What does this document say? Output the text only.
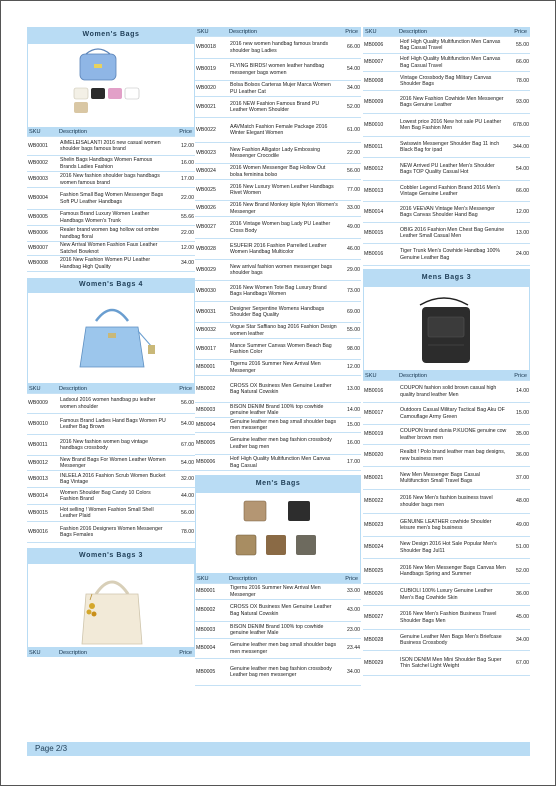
Women's Bags
SKU	Description	Price
WB0001	AIMELEISALANTI 2016 new casual women shoulder bags famous brand	12.00
WB0002	Shelin Bags Handbags Women Famous Brands Ladies Fashion	16.00
WB0003	2016 New fashion shoulder bags handbags women famous brand	17.00
WB0004	Fashion Small Bag Women Messenger Bags Soft PU Leather Handbags	22.00
WB0005	Famous Brand Luxury Women Leather Handbags Women's Trunk	55.66
WB0006	Realer brand women bag hollow out ombre handbag floral	22.00
WB0007	New Arrival Women Fashion Faux Leather Satchel Bowknot	12.00
WB0008	2016 New Fashion Women PU Leather Handbag High Quality	34.00
Women's Bags 4
SKU	Description	Price
WB0009	Ladsoul 2016 women handbag pu leather women shoulder	56.00
WB0010	Famous Brand Ladies Hand Bags Women PU Leather Bag Brown	54.00
WB0011	2016 New fashion women bag vintage handbags crossbody	67.00
WB0012	New Brand Bags For Women Leather Women Messenger	54.00
WB0013	INLEELA 2016 Fashion Scrub Women Bucket Bag Vintage	32.00
WB0014	Women Shoulder Bag Candy 10 Colors Fashion Brand	44.00
WB0015	Hot selling ! Women Fashion Small Shell Leather Plaid	56.00
WB0016	Fashion 2016 Designers Women Messenger Bags Females	78.00
Women's Bags 3
SKU	Description	Price
SKU	Description	Price
WB0018	2016 new women handbag famous brands shoulder bag Ladies	66.00
WB0019	FLYING BIRDS! women leather handbag messenger bags women	54.00
WB0020	Bolsa Bolsos Carteras Mujer Marca Women PU Leather Cat	34.00
WB0021	2016 NEW Fashion Famous Brand PU Leather Women Shoulder	52.00
WB0022	AAVMatch Fashion Female Package 2016 Winter Elegant Women	61.00
WB0023	New Fashion Alligator Lady Embossing Messenger Crocodile	22.00
WB0024	2016 Women Messenger Bag Hollow Out bolsa feminina bolso	56.00
WB0025	2016 New Luxury Women Leather Handbags Rivet Women	77.00
WB0026	2016 New Brand Monkey kiple Nylon Women's Messenger	33.00
WB0027	2016 Vintage Women bag Lady PU Leather Cross Body	49.00
WB0028	ESUFEIR 2016 Fashion Parrelled Leather Women Handbag Multicolor	46.00
WB0029	New arrival fashion women messenger bags shoulder bags	29.00
WB0030	2016 New Women Tote Bag Luxury Brand Bags Handbags Women	73.00
WB0031	Designer Serpentine Womens Handbags Shoulder Bag Quality	69.00
WB0032	Vogue Star Saffiano bag 2016 Fashion Design women leather	55.00
WB0017	Mance Summer Canvas Women Beach Bag Fashion Color	98.00
MB0001	Tigernu 2016 Summer New Arrival Men Messenger	12.00
MB0002	CROSS OX Business Men Genuine Leather Bag Natural Cowskin	13.00
MB0003	BISON DENIM Brand 100% top cowhide genuine leather Male	14.00
MB0004	Genuine leather men bag small shoulder bags men messenger	15.00
MB0005	Genuine leather men bag fashion crossbody Leather bag men	16.00
MB0006	Hot! High Quality Multifunction Men Canvas Bag Casual	17.00
Men's Bags
SKU	Description	Price
MB0001	Tigernu 2016 Summer New Arrival Men Messenger	33.00
MB0002	CROSS OX Business Men Genuine Leather Bag Natural Cowskin	43.00
MB0003	BISON DENIM Brand 100% top cowhide genuine leather Male	23.00
MB0004	Genuine leather men bag small shoulder bags men messenger	23.44
MB0005	Genuine leather men bag fashion crossbody Leather bag men messenger	34.00
SKU	Description	Price
MB0006	Hot! High Quality Multifunction Men Canvas Bag Casual Travel	55.00
MB0007	Hot! High Quality Multifunction Men Canvas Bag Casual Travel	66.00
MB0008	Vintage Crossbody Bag Military Canvas Shoulder Bags	78.00
MB0009	2016 New Fashion Cowhide Men Messenger Bags Genuine Leather	93.00
MB0010	Lowest price 2016 New hot sale PU Leather Men Bag Fashion Men	678.00
MB0011	Swisswin Messenger Shoulder Bag 11 inch Black Bag for ipad	344.00
MB0012	NEW Arrived PU Leather Men's Shoulder Bags TOP Quality Casual Hot	54.00
MB0013	Cobbler Legend Fashion Brand 2016 Men's Vintage Genuine Leather	66.00
MB0014	2016 VEEVAN Vintage Men's Messenger Bags Canvas Shoulder Hand Bag	12.00
MB0015	OBIG 2016 Fashion Men Chest Bag Genuine Leather Small Casual Men	13.00
MB0016	Tiger Trunk Men's Cowhide Handbag 100% Genuine Leather Bag	24.00
Mens Bags 3
SKU	Description	Price
MB0016	COUPON fashion solid brown casual high quality brand leather Men	14.00
MB0017	Outdoors Casual Military Tactical Bag Aku OF Camouflage Army Green	15.00
MB0019	COUPON brand dunia P.KUONE genuine cow leather brown men	35.00
MB0020	Realbit ! Polo brand leather man bag designs, new business men	36.00
MB0021	New Men Messenger Bags Casual Multifunction Small Travel Bags	37.00
MB0022	2016 New Men's fashion business travel shoulder bags men	48.00
MB0023	GENUINE LEATHER cowhide Shoulder leisure men's bag business	49.00
MB0024	New Design 2016 Hot Sale Popular Men's Shoulder Bag Jul11	51.00
MB0025	2016 New Men Messenger Bags Canvas Men Handbags Spring and Summer	52.00
MB0026	CUBIOLI 100% Luxury Genuine Leather Men's Bag Cowhide Skin	36.00
MB0027	2016 New Men's Fashion Business Travel Shoulder Bags Men	45.00
MB0028	Genuine Leather Men Bags Men's Briefcase Business Crossbody	34.00
MB0029	ISON DENIM Men Mini Shoulder Bag Super Thin Satchel Light Weight	67.00
Page 2/3
